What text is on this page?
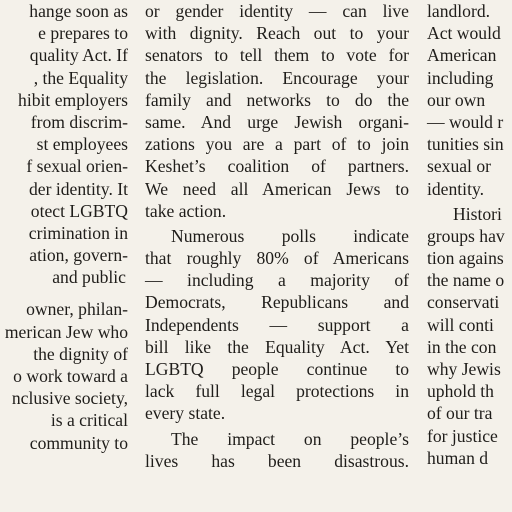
hange soon as
e prepares to
quality Act. If
, the Equality
hibit employers
from discrim-
st employees
f sexual orien-
der identity. It
otect LGBTQ
crimination in
ation, govern-
and public
owner, philan-
merican Jew who
the dignity of
o work toward a
nclusive society,
is a critical
community to
or gender identity — can live
with dignity. Reach out to your
senators to tell them to vote for
the legislation. Encourage your
family and networks to do the
same. And urge Jewish organi-
zations you are a part of to join
Keshet’s coalition of partners.
We need all American Jews to
take action.
Numerous polls indicate
that roughly 80% of Americans
— including a majority of
Democrats, Republicans and
Independents — support a
bill like the Equality Act. Yet
LGBTQ people continue to
lack full legal protections in
every state.
The impact on people’s
lives has been disastrous.
landlord.
Act would
American
including
our own
— would r
tunities sin
sexual or
identity.
Histori
groups hav
tion agains
the name o
conservati
will conti
in the con
why Jewis
uphold th
of our tra
for justice
human d
